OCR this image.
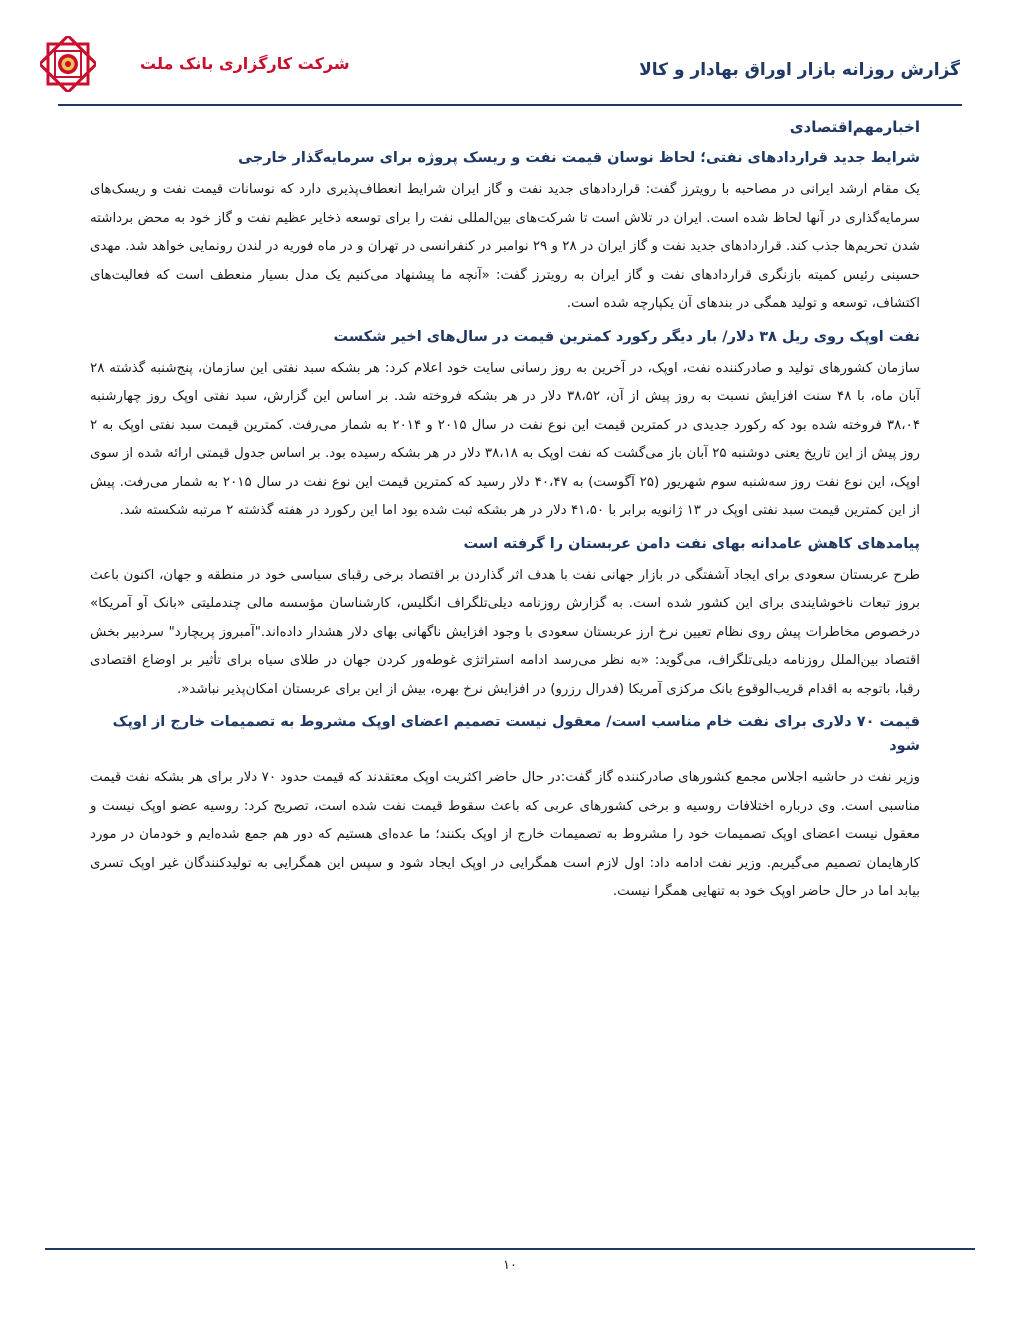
شرکت کارگزاری بانک ملت	گزارش روزانه بازار اوراق بهادار و کالا
اخبارمهم‌اقتصادی
شرایط جدید قراردادهای نفتی؛ لحاظ نوسان قیمت نفت و ریسک پروژه برای سرمایه‌گذار خارجی

یک مقام ارشد ایرانی در مصاحبه با رویترز گفت: قراردادهای جدید نفت و گاز ایران شرایط انعطاف‌پذیری دارد که نوسانات قیمت نفت و ریسک‌های سرمایه‌گذاری در آنها لحاظ شده است. ایران در تلاش است تا شرکت‌های بین‌المللی نفت را برای توسعه ذخایر عظیم نفت و گاز خود به محض برداشته شدن تحریم‌ها جذب کند. قراردادهای جدید نفت و گاز ایران در ۲۸ و ۲۹ نوامبر در کنفرانسی در تهران و در ماه فوریه در لندن رونمایی خواهد شد. مهدی حسینی رئیس کمیته بازنگری قراردادهای نفت و گاز ایران به رویترز گفت: «آنچه ما پیشنهاد می‌کنیم یک مدل بسیار منعطف است که فعالیت‌های اکتشاف، توسعه و تولید همگی در بندهای آن یکپارچه شده است.

نفت اوپک روی ریل ۳۸ دلار/ بار دیگر رکورد کمترین قیمت در سال‌های اخیر شکست

سازمان کشورهای تولید و صادرکننده نفت، اوپک، در آخرین به روز رسانی سایت خود اعلام کرد: هر بشکه سبد نفتی این سازمان، پنج‌شنبه گذشته ۲۸ آبان ماه، با ۴۸ سنت افزایش نسبت به روز پیش از آن، ۳۸،۵۲ دلار در هر بشکه فروخته شد. بر اساس این گزارش، سبد نفتی اوپک روز چهارشنبه ۳۸،۰۴ فروخته شده بود که رکورد جدیدی در کمترین قیمت این نوع نفت در سال ۲۰۱۵ و ۲۰۱۴ به شمار می‌رفت. کمترین قیمت سبد نفتی اوپک به ۲ روز پیش از این تاریخ یعنی دوشنبه ۲۵ آبان باز می‌گشت که نفت اوپک به ۳۸،۱۸ دلار در هر بشکه رسیده بود. بر اساس جدول قیمتی ارائه شده از سوی اوپک، این نوع نفت روز سه‌شنبه سوم شهریور (۲۵ آگوست) به ۴۰،۴۷ دلار رسید که کمترین قیمت این نوع نفت در سال ۲۰۱۵ به شمار می‌رفت. پیش از این کمترین قیمت سبد نفتی اوپک در ۱۳ ژانویه برابر با ۴۱،۵۰ دلار در هر بشکه ثبت شده بود اما این رکورد در هفته گذشته ۲ مرتبه شکسته شد.

پیامدهای کاهش عامدانه بهای نفت دامن عربستان را گرفته است

طرح عربستان سعودی برای ایجاد آشفتگی در بازار جهانی نفت با هدف اثر گذاردن بر اقتصاد برخی رقبای سیاسی خود در منطقه و جهان، اکنون باعث بروز تبعات ناخوشایندی برای این کشور شده است. به گزارش روزنامه دیلی‌تلگراف انگلیس، کارشناسان مؤسسه مالی چندملیتی «بانک آو آمریکا» درخصوص مخاطرات پیش روی نظام تعیین نرخ ارز عربستان سعودی با وجود افزایش ناگهانی بهای دلار هشدار داده‌اند."آمبروز پریچارد" سردبیر بخش اقتصاد بین‌الملل روزنامه دیلی‌تلگراف، می‌گوید: «به نظر می‌رسد ادامه استراتژی غوطه‌ور کردن جهان در طلای سیاه برای تأثیر بر اوضاع اقتصادی رقبا، باتوجه به اقدام قریب‌الوقوع بانک مرکزی آمریکا (فدرال رزرو) در افزایش نرخ بهره، بیش از این برای عربستان امکان‌پذیر نباشد«.

قیمت ۷۰ دلاری برای نفت خام مناسب است/ معقول نیست تصمیم اعضای اوپک مشروط به تصمیمات خارج از اوپک شود

وزیر نفت در حاشیه اجلاس مجمع کشورهای صادرکننده گاز گفت:در حال حاضر اکثریت اوپک معتقدند که قیمت حدود ۷۰ دلار برای هر بشکه نفت قیمت مناسبی است. وی درباره اختلافات روسیه و برخی کشورهای عربی که باعث سقوط قیمت نفت شده است، تصریح کرد: روسیه عضو اوپک نیست و معقول نیست اعضای اوپک تصمیمات خود را مشروط به تصمیمات خارج از اوپک بکنند؛ ما عده‌ای هستیم که دور هم جمع شده‌ایم و خودمان در مورد کارهایمان تصمیم می‌گیریم. وزیر نفت ادامه داد: اول لازم است همگرایی در اوپک ایجاد شود و سپس این همگرایی به تولیدکنندگان غیر اوپک تسری بیابد اما در حال حاضر اوپک خود به تنهایی همگرا نیست.

۱۰
